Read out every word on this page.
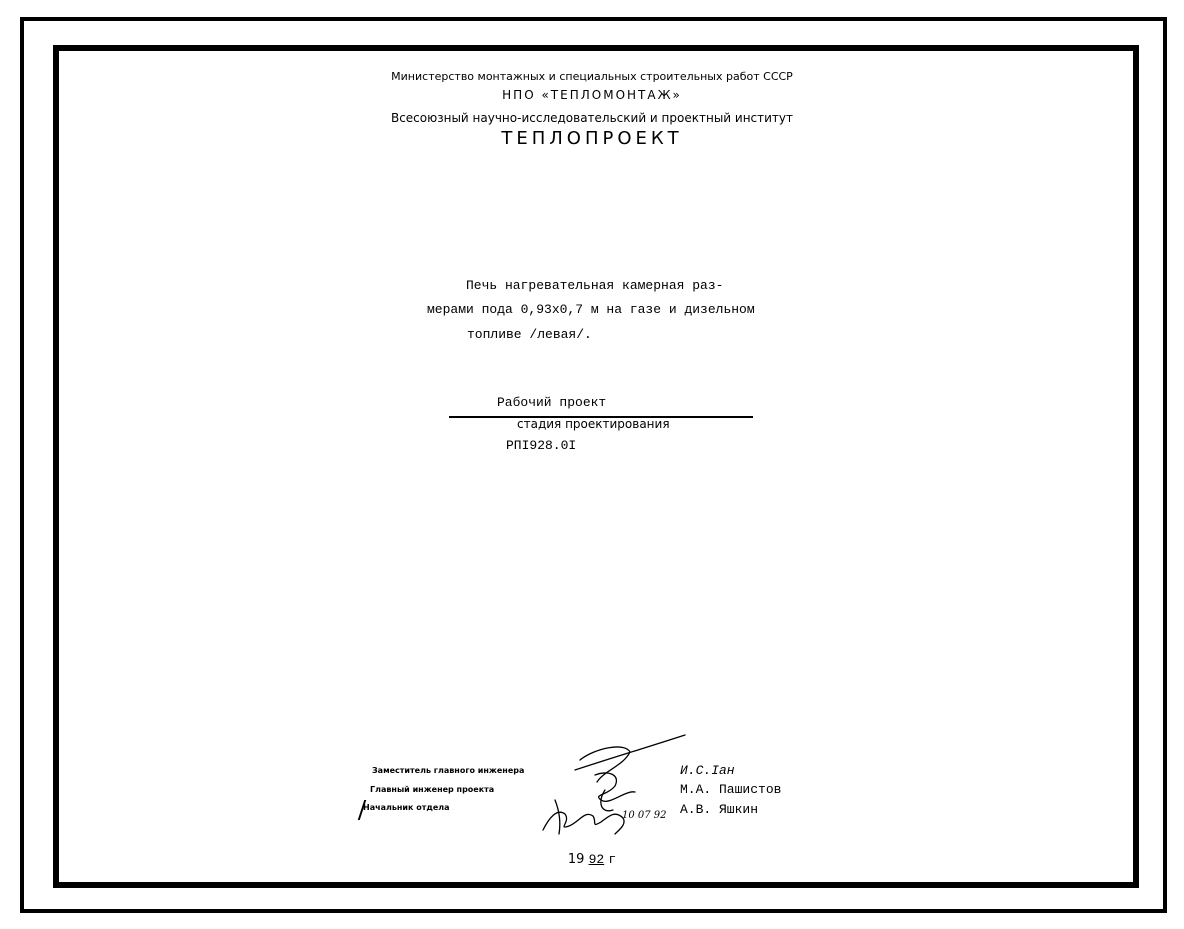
Министерство монтажных и специальных строительных работ СССР
НПО «ТЕПЛОМОНТАЖ»
Всесоюзный научно-исследовательский и проектный институт
ТЕПЛОПРОЕКТ
Печь нагревательная камерная раз-
мерами пода 0,93х0,7 м на газе и дизельном
топливе /левая/.
Рабочий проект
стадия проектирования
РПI928.0I
Заместитель главного инженера
Главный инженер проекта
Начальник отдела
10 07 92
И.С.Iан
М.А. Пашистов
А.В. Яшкин
19 92 г
